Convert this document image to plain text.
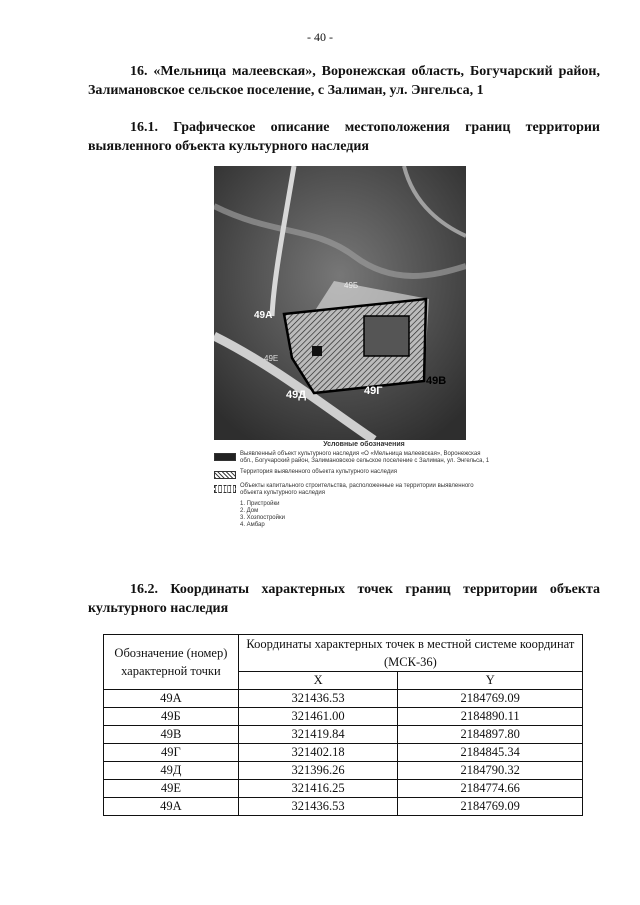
- 40 -
16. «Мельница малеевская», Воронежская область, Богучарский район, Залимановское сельское поселение, с Залиман, ул. Энгельса, 1
16.1. Графическое описание местоположения границ территории выявленного объекта культурного наследия
49Б
49А
49В
49Г
49Д
49Е
Условные обозначения
Выявленный объект культурного наследия «О «Мельница малеевская», Воронежская обл., Богучарский район, Залимановское сельское поселение с Залиман, ул. Энгельса, 1
Территория выявленного объекта культурного наследия
Объекты капитального строительства, расположенные на территории выявленного объекта культурного наследия
1. Пристройки
2. Дом
3. Хозпостройки
4. Амбар
16.2. Координаты характерных точек границ территории объекта культурного наследия
Обозначение (номер) характерной точки	Координаты характерных точек в местной системе координат (МСК-36)	
	X	Y
49А	321436.53	2184769.09
49Б	321461.00	2184890.11
49В	321419.84	2184897.80
49Г	321402.18	2184845.34
49Д	321396.26	2184790.32
49Е	321416.25	2184774.66
49А	321436.53	2184769.09
